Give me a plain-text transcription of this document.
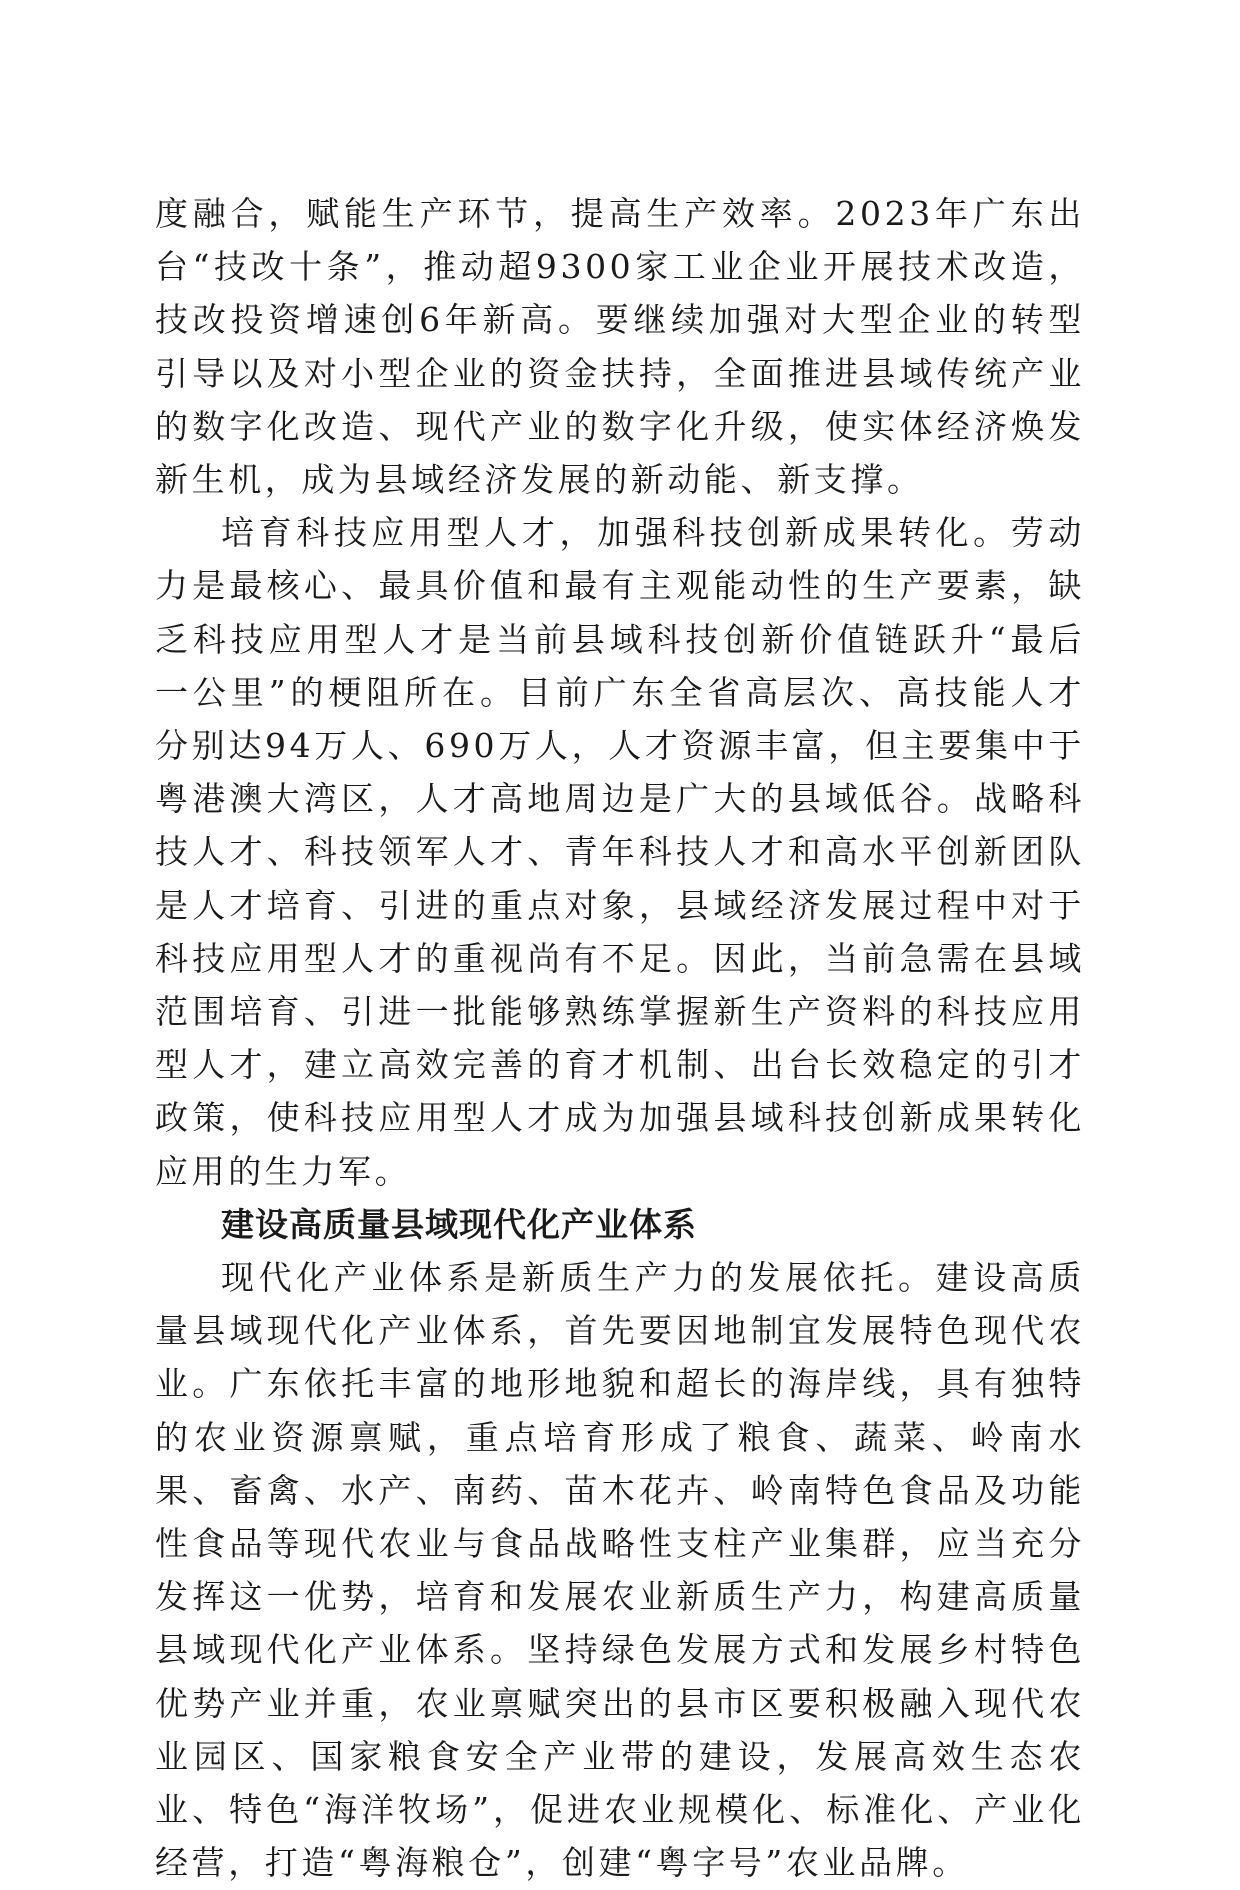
度融合，赋能生产环节，提高生产效率。2023年广东出台“技改十条”，推动超9300家工业企业开展技术改造，技改投资增速创6年新高。要继续加强对大型企业的转型引导以及对小型企业的资金扶持，全面推进县域传统产业的数字化改造、现代产业的数字化升级，使实体经济焕发新生机，成为县域经济发展的新动能、新支撑。

培育科技应用型人才，加强科技创新成果转化。劳动力是最核心、最具价值和最有主观能动性的生产要素，缺乏科技应用型人才是当前县域科技创新价值链跃升“最后一公里”的梗阻所在。目前广东全省高层次、高技能人才分别达94万人、690万人，人才资源丰富，但主要集中于粤港澳大湾区，人才高地周边是广大的县域低谷。战略科技人才、科技领军人才、青年科技人才和高水平创新团队是人才培育、引进的重点对象，县域经济发展过程中对于科技应用型人才的重视尚有不足。因此，当前急需在县域范围培育、引进一批能够熟练掌握新生产资料的科技应用型人才，建立高效完善的育才机制、出台长效稳定的引才政策，使科技应用型人才成为加强县域科技创新成果转化应用的生力军。

建设高质量县域现代化产业体系

现代化产业体系是新质生产力的发展依托。建设高质量县域现代化产业体系，首先要因地制宜发展特色现代农业。广东依托丰富的地形地貌和超长的海岸线，具有独特的农业资源禀赋，重点培育形成了粮食、蔬菜、岭南水果、畜禽、水产、南药、苗木花卉、岭南特色食品及功能性食品等现代农业与食品战略性支柱产业集群，应当充分发挥这一优势，培育和发展农业新质生产力，构建高质量县域现代化产业体系。坚持绿色发展方式和发展乡村特色优势产业并重，农业禀赋突出的县市区要积极融入现代农业园区、国家粮食安全产业带的建设，发展高效生态农业、特色“海洋牧场”，促进农业规模化、标准化、产业化经营，打造“粤海粮仓”，创建“粤字号”农业品牌。
